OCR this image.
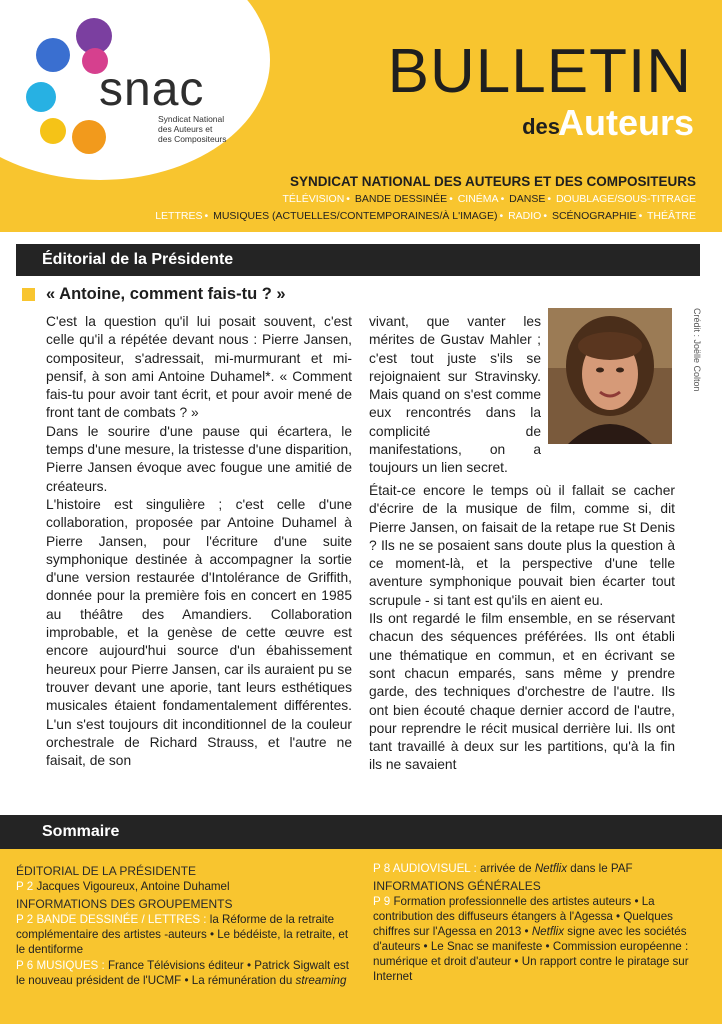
snac
Syndicat National
des Auteurs et
des Compositeurs
BULLETIN
des
Auteurs
SYNDICAT NATIONAL DES AUTEURS ET DES COMPOSITEURS
TÉLÉVISION • BANDE DESSINÉE • CINÉMA • DANSE • DOUBLAGE/SOUS-TITRAGE
LETTRES • MUSIQUES (ACTUELLES/CONTEMPORAINES/À L'IMAGE) • RADIO • SCÉNOGRAPHIE • THÉÂTRE
Éditorial de la Présidente
« Antoine, comment fais-tu ? »

C'est la question qu'il lui posait souvent, c'est celle qu'il a répétée devant nous : Pierre Jansen, compositeur, s'adressait, mi-murmurant et mi-pensif, à son ami Antoine Duhamel*. « Comment fais-tu pour avoir tant écrit, et pour avoir mené de front tant de combats ? »

Dans le sourire d'une pause qui écartera, le temps d'une mesure, la tristesse d'une disparition, Pierre Jansen évoque avec fougue une amitié de créateurs.

L'histoire est singulière ; c'est celle d'une collaboration, proposée par Antoine Duhamel à Pierre Jansen, pour l'écriture d'une suite symphonique destinée à accompagner la sortie d'une version restaurée d'Intolérance de Griffith, donnée pour la première fois en concert en 1985 au théâtre des Amandiers. Collaboration improbable, et la genèse de cette œuvre est encore aujourd'hui source d'un ébahissement heureux pour Pierre Jansen, car ils auraient pu se trouver devant une aporie, tant leurs esthétiques musicales étaient fondamentalement différentes. L'un s'est toujours dit inconditionnel de la couleur orchestrale de Richard Strauss, et l'autre ne faisait, de son

vivant, que vanter les mérites de Gustav Mahler ; c'est tout juste s'ils se rejoignaient sur Stravinsky. Mais quand on s'est comme eux rencontrés dans la complicité de manifestations, on a toujours un lien secret.

Crédit : Joëlle Colton

Était-ce encore le temps où il fallait se cacher d'écrire de la musique de film, comme si, dit Pierre Jansen, on faisait de la retape rue St Denis ? Ils ne se posaient sans doute plus la question à ce moment-là, et la perspective d'une telle aventure symphonique pouvait bien écarter tout scrupule - si tant est qu'ils en aient eu.

Ils ont regardé le film ensemble, en se réservant chacun des séquences préférées. Ils ont établi une thématique en commun, et en écrivant se sont chacun emparés, sans même y prendre garde, des techniques d'orchestre de l'autre. Ils ont bien écouté chaque dernier accord de l'autre, pour reprendre le récit musical derrière lui. Ils ont tant travaillé à deux sur les partitions, qu'à la fin ils ne savaient

Sommaire
ÉDITORIAL DE LA PRÉSIDENTE
P 2 Jacques Vigoureux, Antoine Duhamel
INFORMATIONS DES GROUPEMENTS
P 2 BANDE DESSINÉE / LETTRES : la Réforme de la retraite complémentaire des artistes -auteurs • Le bédéiste, la retraite, et le dentiforme
P 6 MUSIQUES : France Télévisions éditeur • Patrick Sigwalt est le nouveau président de l'UCMF • La rémunération du streaming
P 8 AUDIOVISUEL : arrivée de Netflix dans le PAF
INFORMATIONS GÉNÉRALES
P 9 Formation professionnelle des artistes auteurs • La contribution des diffuseurs étangers à l'Agessa • Quelques chiffres sur l'Agessa en 2013 • Netflix signe avec les sociétés d'auteurs • Le Snac se manifeste • Commission européenne : numérique et droit d'auteur • Un rapport contre le piratage sur Internet
